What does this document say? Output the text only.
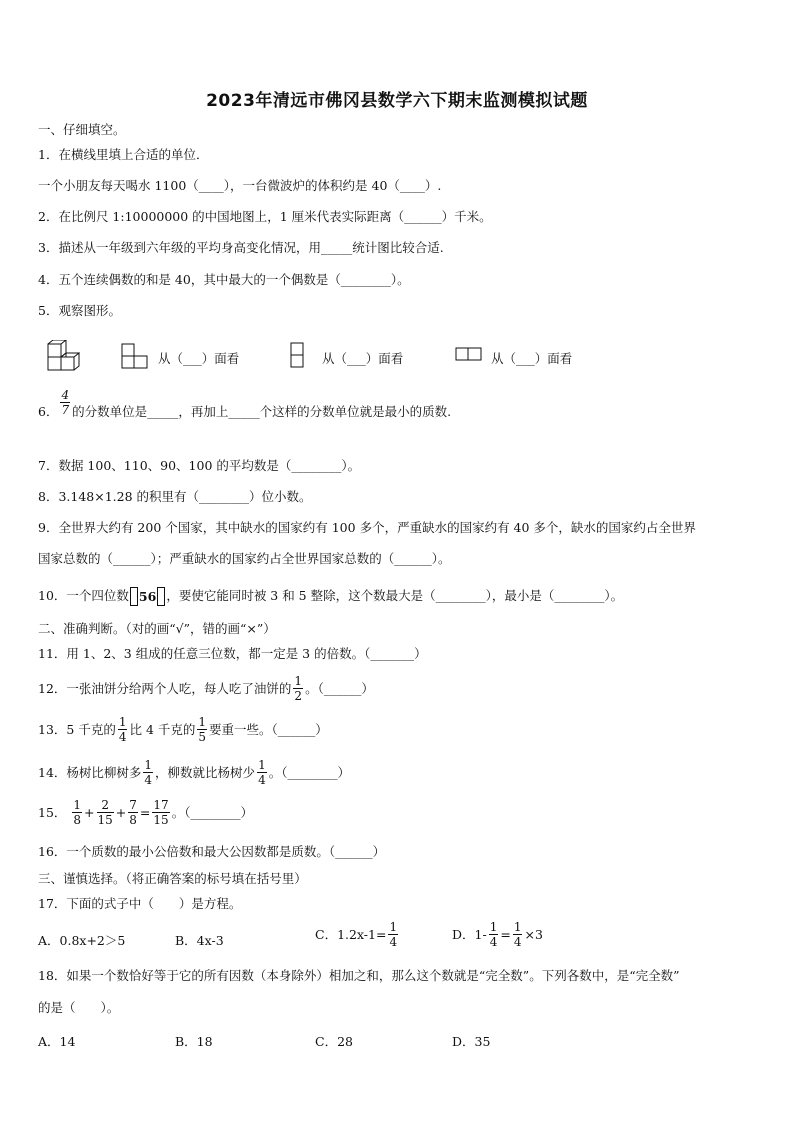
2023年清远市佛冈县数学六下期末监测模拟试题
一、仔细填空。
1．在横线里填上合适的单位．
一个小朋友每天喝水 1100（____），一台微波炉的体积约是 40（____）.
2．在比例尺 1:10000000 的中国地图上，1 厘米代表实际距离（______）千米。
3．描述从一年级到六年级的平均身高变化情况，用_____统计图比较合适.
4．五个连续偶数的和是 40，其中最大的一个偶数是（________）。
5．观察图形。
从（___）面看	从（___）面看	从（___）面看
6． $\frac{4}{7}$ 的分数单位是_____，再加上_____个这样的分数单位就是最小的质数.
7．数据 100、110、90、100 的平均数是（________）。
8．3.148×1.28 的积里有（________）位小数。
9．全世界大约有 200 个国家，其中缺水的国家约有 100 多个，严重缺水的国家约有 40 多个，缺水的国家约占全世界
国家总数的（______）；严重缺水的国家约占全世界国家总数的（______）。
10．一个四位数 56 ，要使它能同时被 3 和 5 整除，这个数最大是（________），最小是（________）。
二、准确判断。（对的画“√”，错的画“×”）
11．用 1、2、3 组成的任意三位数，都一定是 3 的倍数。（_______）
12．一张油饼分给两个人吃，每人吃了油饼的 $\frac{1}{2}$ 。（______）
13．5 千克的 $\frac{1}{4}$ 比 4 千克的 $\frac{1}{5}$ 要重一些。（______）
14．杨树比柳树多 $\frac{1}{4}$ ，柳数就比杨树少 $\frac{1}{4}$ 。（________）
15． $\frac{1}{8} + \frac{2}{15} + \frac{7}{8} = \frac{17}{15}$ 。（________）
16．一个质数的最小公倍数和最大公因数都是质数。（______）
三、谨慎选择。（将正确答案的标号填在括号里）
17．下面的式子中（　　）是方程。
A．0.8x+2＞5	B．4x-3	C．$1.2x-1= \frac{1}{4}$	D．$1- \frac{1}{4} = \frac{1}{4} \times 3$
18．如果一个数恰好等于它的所有因数（本身除外）相加之和，那么这个数就是“完全数”。下列各数中，是“完全数”
的是（　　）。
A．14	B．18	C．28	D．35
